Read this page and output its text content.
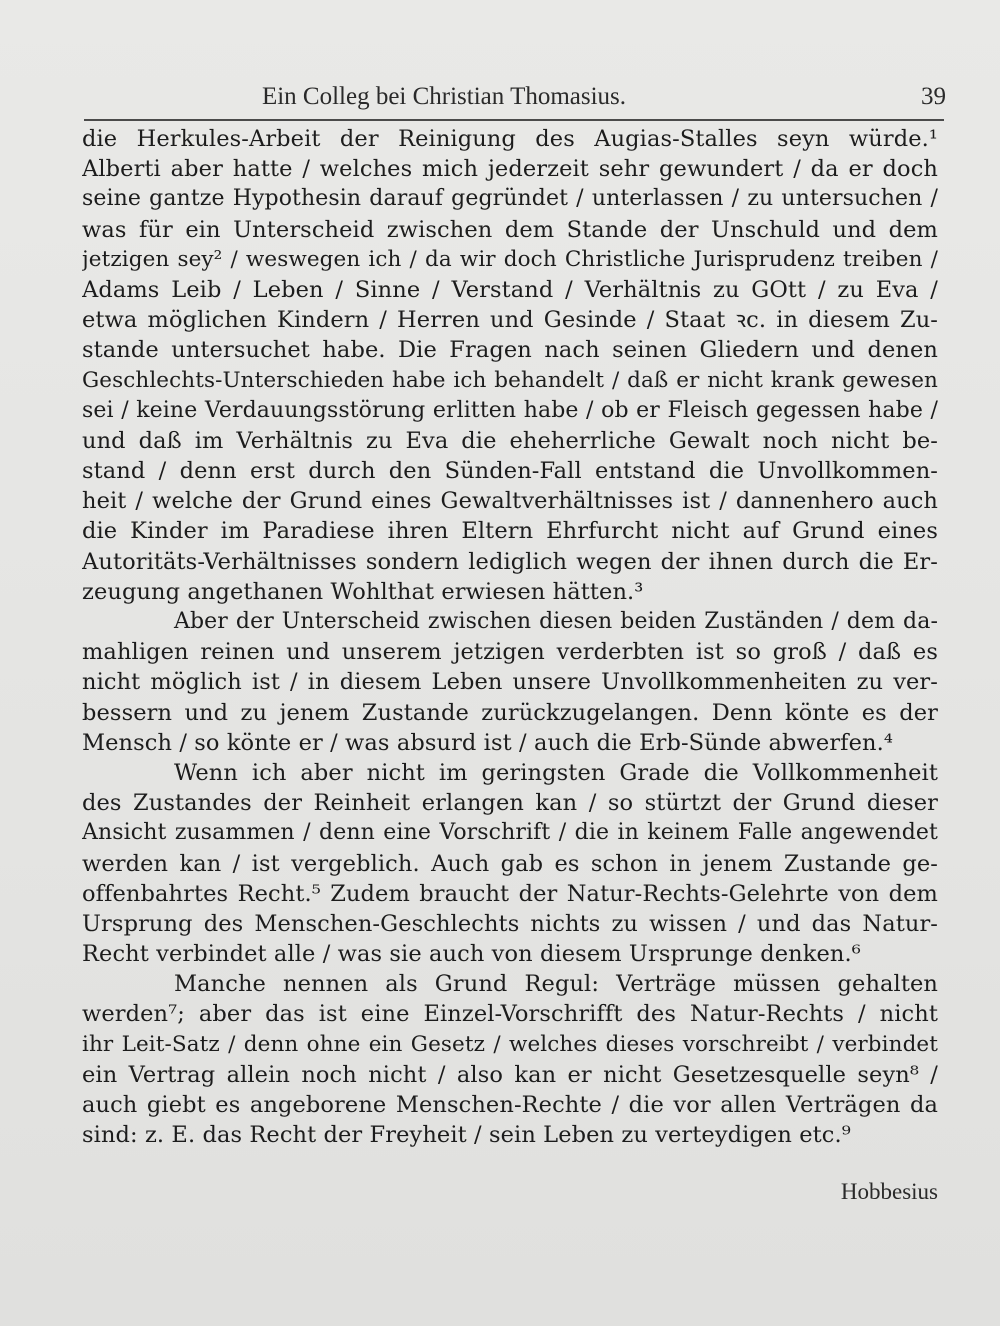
Ein Colleg bei Christian Thomasius.	39
die Herkules-Arbeit der Reinigung des Augias-Stalles seyn würde.¹
Alberti aber hatte / welches mich jederzeit sehr gewundert / da er doch
seine gantze Hypothesin darauf gegründet / unterlassen / zu untersuchen /
was für ein Unterscheid zwischen dem Stande der Unschuld und dem
jetzigen sey² / weswegen ich / da wir doch Christliche Jurisprudenz treiben /
Adams Leib / Leben / Sinne / Verstand / Verhältnis zu GOtt / zu Eva /
etwa möglichen Kindern / Herren und Gesinde / Staat ꝛc. in diesem Zu-
stande untersuchet habe. Die Fragen nach seinen Gliedern und denen
Geschlechts-Unterschieden habe ich behandelt / daß er nicht krank gewesen
sei / keine Verdauungsstörung erlitten habe / ob er Fleisch gegessen habe /
und daß im Verhältnis zu Eva die eheherrliche Gewalt noch nicht be-
stand / denn erst durch den Sünden-Fall entstand die Unvollkommen-
heit / welche der Grund eines Gewaltverhältnisses ist / dannenhero auch
die Kinder im Paradiese ihren Eltern Ehrfurcht nicht auf Grund eines
Autoritäts-Verhältnisses sondern lediglich wegen der ihnen durch die Er-
zeugung angethanen Wohlthat erwiesen hätten.³
Aber der Unterscheid zwischen diesen beiden Zuständen / dem da-
mahligen reinen und unserem jetzigen verderbten ist so groß / daß es
nicht möglich ist / in diesem Leben unsere Unvollkommenheiten zu ver-
bessern und zu jenem Zustande zurückzugelangen. Denn könte es der
Mensch / so könte er / was absurd ist / auch die Erb-Sünde abwerfen.⁴
Wenn ich aber nicht im geringsten Grade die Vollkommenheit
des Zustandes der Reinheit erlangen kan / so stürtzt der Grund dieser
Ansicht zusammen / denn eine Vorschrift / die in keinem Falle angewendet
werden kan / ist vergeblich. Auch gab es schon in jenem Zustande ge-
offenbahrtes Recht.⁵ Zudem braucht der Natur-Rechts-Gelehrte von dem
Ursprung des Menschen-Geschlechts nichts zu wissen / und das Natur-
Recht verbindet alle / was sie auch von diesem Ursprunge denken.⁶
Manche nennen als Grund Regul: Verträge müssen gehalten
werden⁷; aber das ist eine Einzel-Vorschrifft des Natur-Rechts / nicht
ihr Leit-Satz / denn ohne ein Gesetz / welches dieses vorschreibt / verbindet
ein Vertrag allein noch nicht / also kan er nicht Gesetzesquelle seyn⁸ /
auch giebt es angeborene Menschen-Rechte / die vor allen Verträgen da
sind: z. E. das Recht der Freyheit / sein Leben zu verteydigen etc.⁹
Hobbesius
